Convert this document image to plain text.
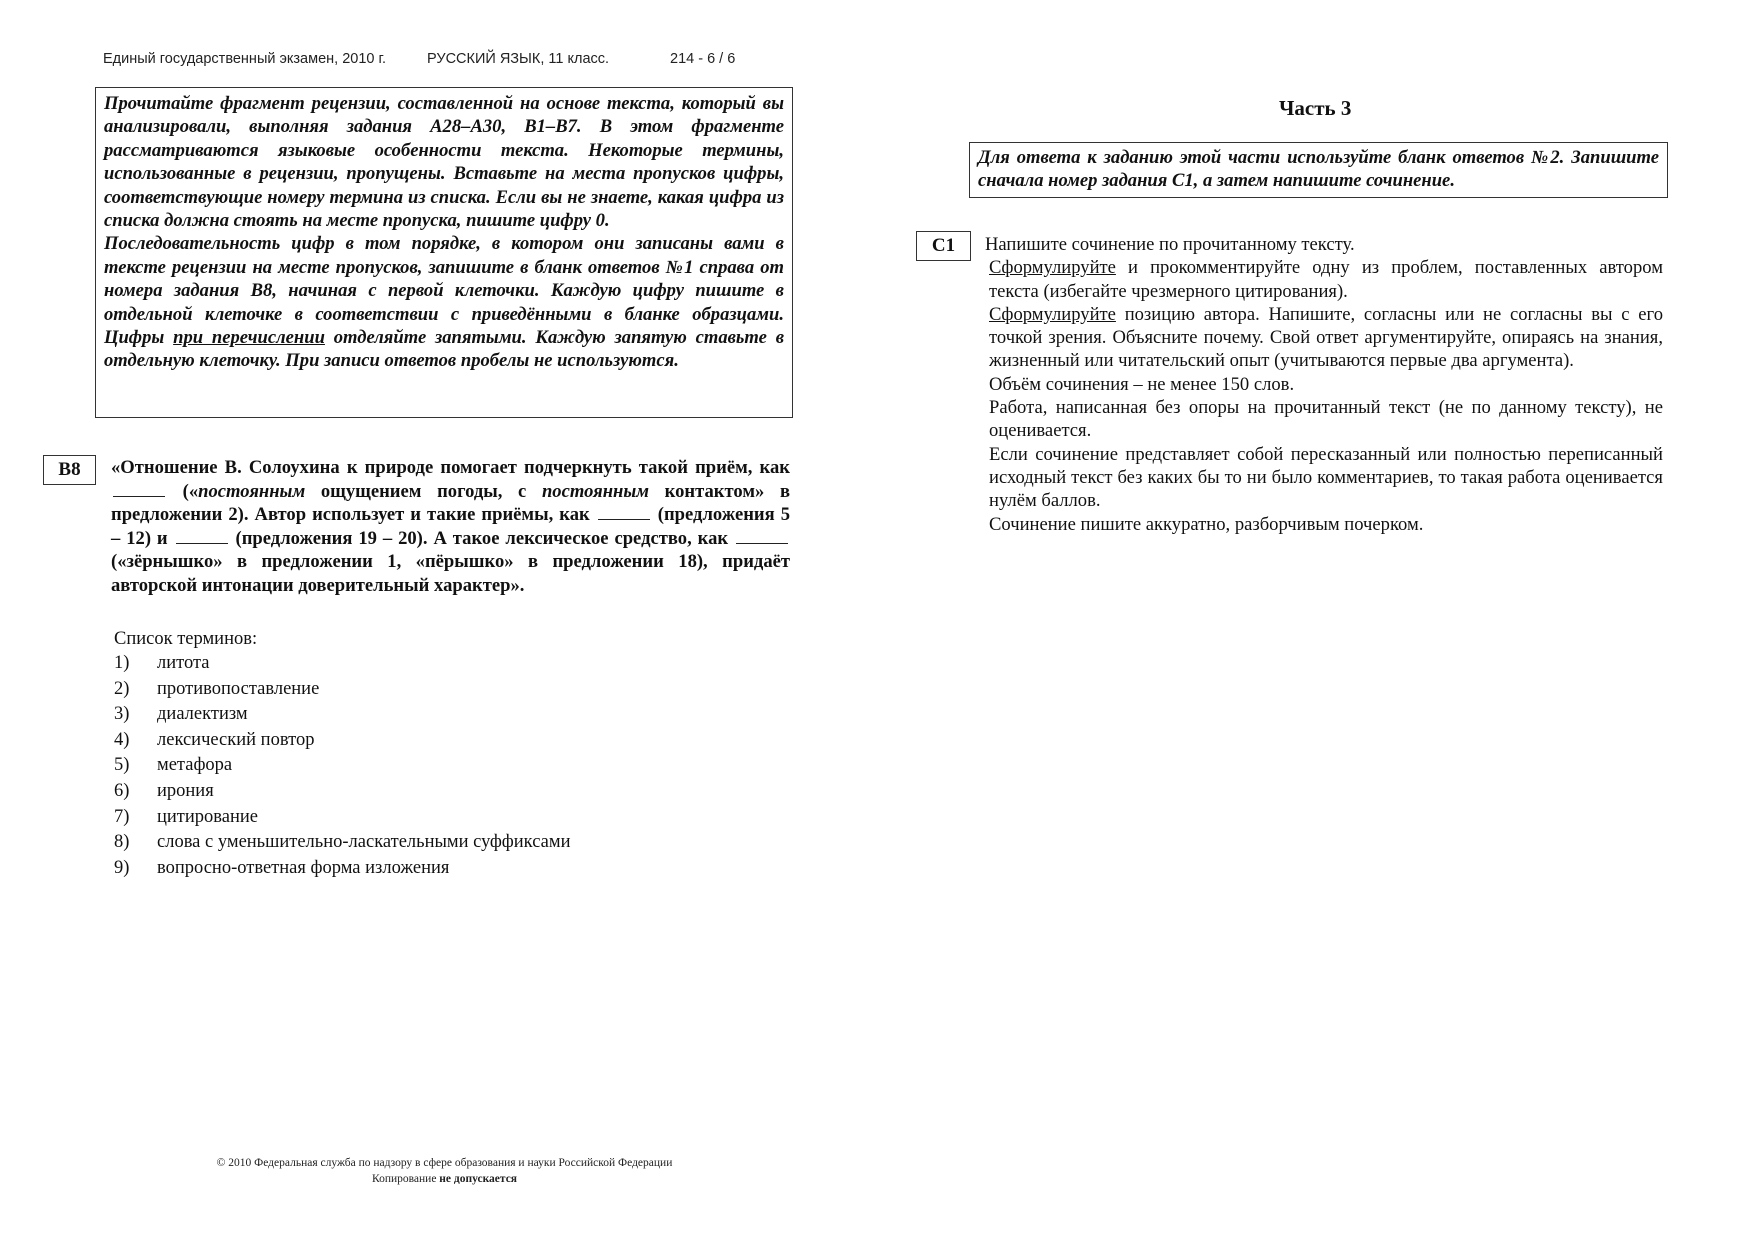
Единый государственный экзамен, 2010 г.	РУССКИЙ ЯЗЫК, 11 класс.	214 - 6 / 6

Прочитайте фрагмент рецензии, составленной на основе текста, который вы анализировали, выполняя задания А28–А30, В1–В7. В этом фрагменте рассматриваются языковые особенности текста. Некоторые термины, использованные в рецензии, пропущены. Вставьте на места пропусков цифры, соответствующие номеру термина из списка. Если вы не знаете, какая цифра из списка должна стоять на месте пропуска, пишите цифру 0.

Последовательность цифр в том порядке, в котором они записаны вами в тексте рецензии на месте пропусков, запишите в бланк ответов №1 справа от номера задания В8, начиная с первой клеточки. Каждую цифру пишите в отдельной клеточке в соответствии с приведёнными в бланке образцами. Цифры при перечислении отделяйте запятыми. Каждую запятую ставьте в отдельную клеточку. При записи ответов пробелы не используются.

В8	«Отношение В. Солоухина к природе помогает подчеркнуть такой приём, как  («постоянным ощущением погоды, с постоянным контактом» в предложении 2). Автор использует и такие приёмы, как	(предложения 5 – 12) и	(предложения 19 – 20). А такое лексическое средство, как  («зёрнышко» в предложении 1, «пёрышко» в предложении 18), придаёт авторской интонации доверительный характер».
Список терминов:
1) литота
2) противопоставление
3) диалектизм
4) лексический повтор
5) метафора
6) ирония
7) цитирование
8) слова с уменьшительно-ласкательными суффиксами
9) вопросно-ответная форма изложения
Часть 3

Для ответа к заданию этой части используйте бланк ответов №2. Запишите сначала номер задания С1, а затем напишите сочинение.

С1	Напишите сочинение по прочитанному тексту.

Сформулируйте и прокомментируйте одну из проблем, поставленных автором текста (избегайте чрезмерного цитирования).

Сформулируйте позицию автора. Напишите, согласны или не согласны вы с его точкой зрения. Объясните почему. Свой ответ аргументируйте, опираясь на знания, жизненный или читательский опыт (учитываются первые два аргумента).

Объём сочинения – не менее 150 слов.

Работа, написанная без опоры на прочитанный текст (не по данному тексту), не оценивается.

Если сочинение представляет собой пересказанный или полностью переписанный исходный текст без каких бы то ни было комментариев, то такая работа оценивается нулём баллов.

Сочинение пишите аккуратно, разборчивым почерком.

© 2010 Федеральная служба по надзору в сфере образования и науки Российской Федерации
Копирование не допускается
